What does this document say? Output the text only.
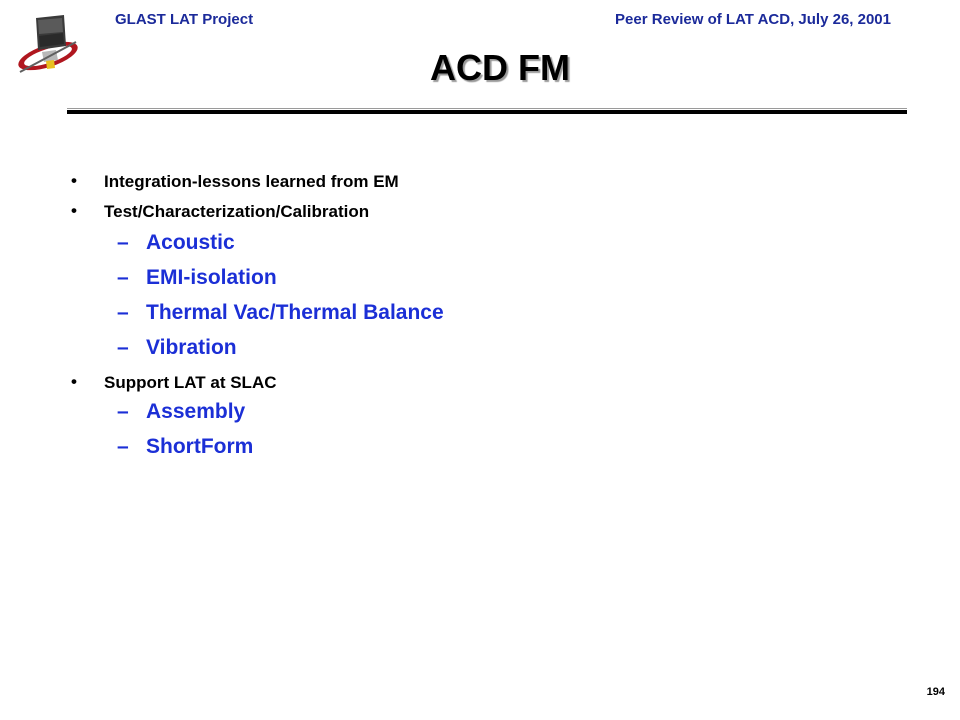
GLAST LAT Project	Peer Review of LAT ACD, July 26, 2001
ACD FM
• Integration-lessons learned from EM
• Test/Characterization/Calibration
– Acoustic
– EMI-isolation
– Thermal Vac/Thermal Balance
– Vibration
• Support LAT at SLAC
– Assembly
– ShortForm
194
